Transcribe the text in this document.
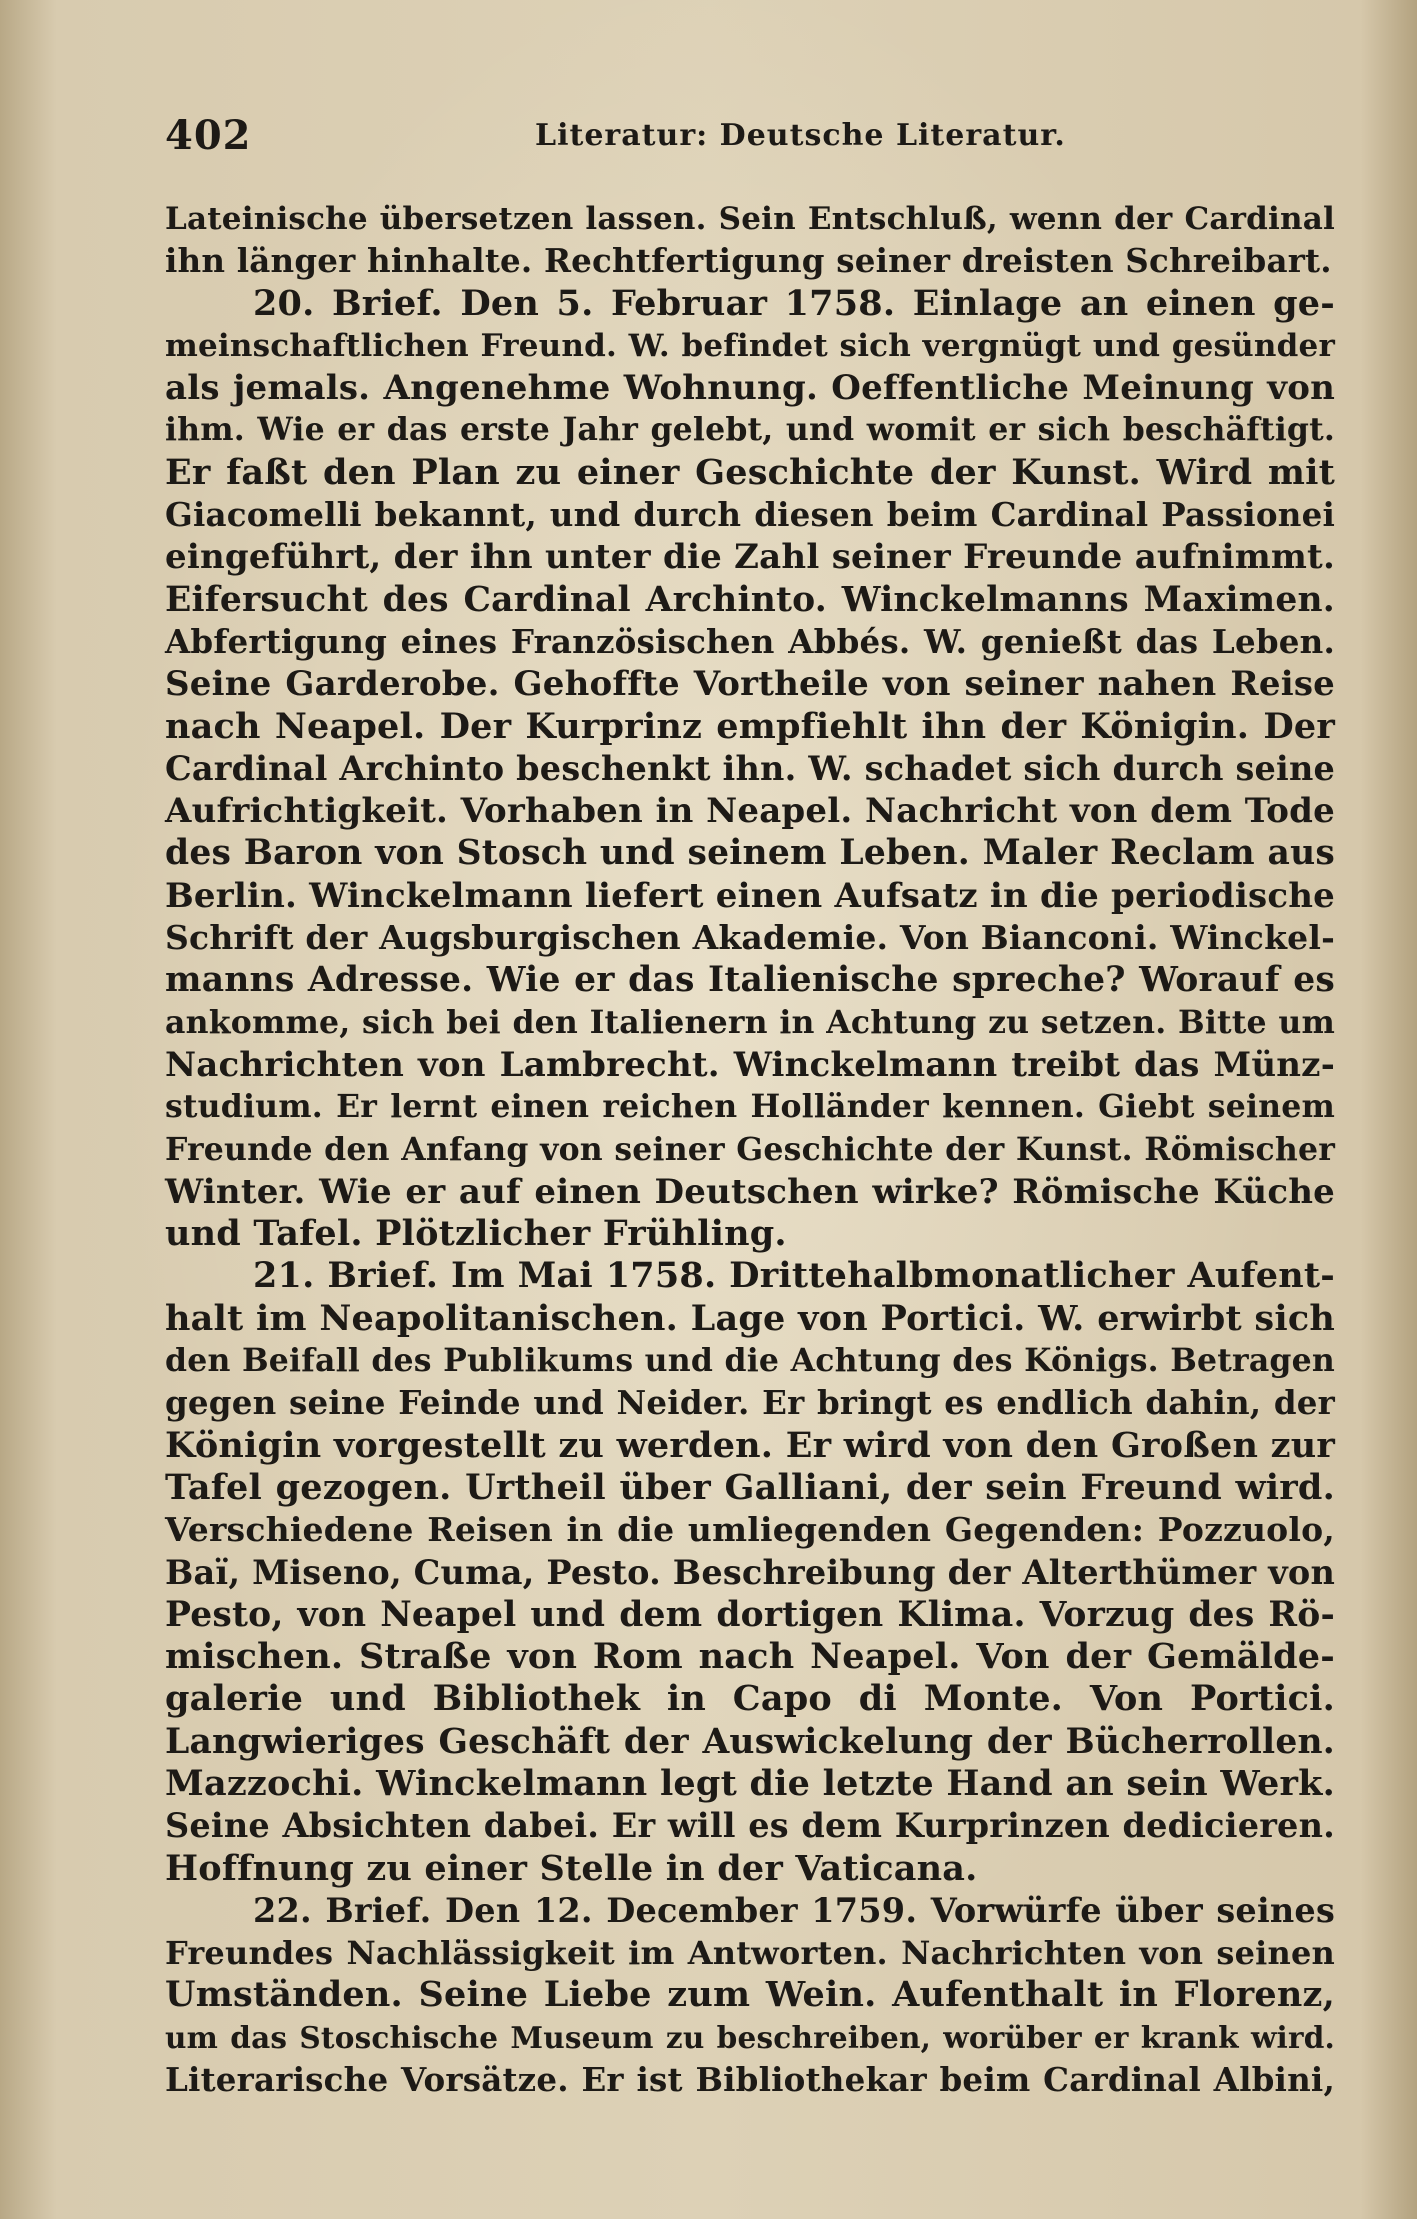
402	Literatur: Deutsche Literatur.
Lateinische übersetzen lassen. Sein Entschluß, wenn der Cardinal
ihn länger hinhalte. Rechtfertigung seiner dreisten Schreibart.
20. Brief. Den 5. Februar 1758. Einlage an einen ge-
meinschaftlichen Freund. W. befindet sich vergnügt und gesünder
als jemals. Angenehme Wohnung. Oeffentliche Meinung von
ihm. Wie er das erste Jahr gelebt, und womit er sich beschäftigt.
Er faßt den Plan zu einer Geschichte der Kunst. Wird mit
Giacomelli bekannt, und durch diesen beim Cardinal Passionei
eingeführt, der ihn unter die Zahl seiner Freunde aufnimmt.
Eifersucht des Cardinal Archinto. Winckelmanns Maximen.
Abfertigung eines Französischen Abbés. W. genießt das Leben.
Seine Garderobe. Gehoffte Vortheile von seiner nahen Reise
nach Neapel. Der Kurprinz empfiehlt ihn der Königin. Der
Cardinal Archinto beschenkt ihn. W. schadet sich durch seine
Aufrichtigkeit. Vorhaben in Neapel. Nachricht von dem Tode
des Baron von Stosch und seinem Leben. Maler Reclam aus
Berlin. Winckelmann liefert einen Aufsatz in die periodische
Schrift der Augsburgischen Akademie. Von Bianconi. Winckel-
manns Adresse. Wie er das Italienische spreche? Worauf es
ankomme, sich bei den Italienern in Achtung zu setzen. Bitte um
Nachrichten von Lambrecht. Winckelmann treibt das Münz-
studium. Er lernt einen reichen Holländer kennen. Giebt seinem
Freunde den Anfang von seiner Geschichte der Kunst. Römischer
Winter. Wie er auf einen Deutschen wirke? Römische Küche
und Tafel. Plötzlicher Frühling.
21. Brief. Im Mai 1758. Drittehalbmonatlicher Aufent-
halt im Neapolitanischen. Lage von Portici. W. erwirbt sich
den Beifall des Publikums und die Achtung des Königs. Betragen
gegen seine Feinde und Neider. Er bringt es endlich dahin, der
Königin vorgestellt zu werden. Er wird von den Großen zur
Tafel gezogen. Urtheil über Galliani, der sein Freund wird.
Verschiedene Reisen in die umliegenden Gegenden: Pozzuolo,
Baï, Miseno, Cuma, Pesto. Beschreibung der Alterthümer von
Pesto, von Neapel und dem dortigen Klima. Vorzug des Rö-
mischen. Straße von Rom nach Neapel. Von der Gemälde-
galerie und Bibliothek in Capo di Monte. Von Portici.
Langwieriges Geschäft der Auswickelung der Bücherrollen.
Mazzochi. Winckelmann legt die letzte Hand an sein Werk.
Seine Absichten dabei. Er will es dem Kurprinzen dedicieren.
Hoffnung zu einer Stelle in der Vaticana.
22. Brief. Den 12. December 1759. Vorwürfe über seines
Freundes Nachlässigkeit im Antworten. Nachrichten von seinen
Umständen. Seine Liebe zum Wein. Aufenthalt in Florenz,
um das Stoschische Museum zu beschreiben, worüber er krank wird.
Literarische Vorsätze. Er ist Bibliothekar beim Cardinal Albini,
